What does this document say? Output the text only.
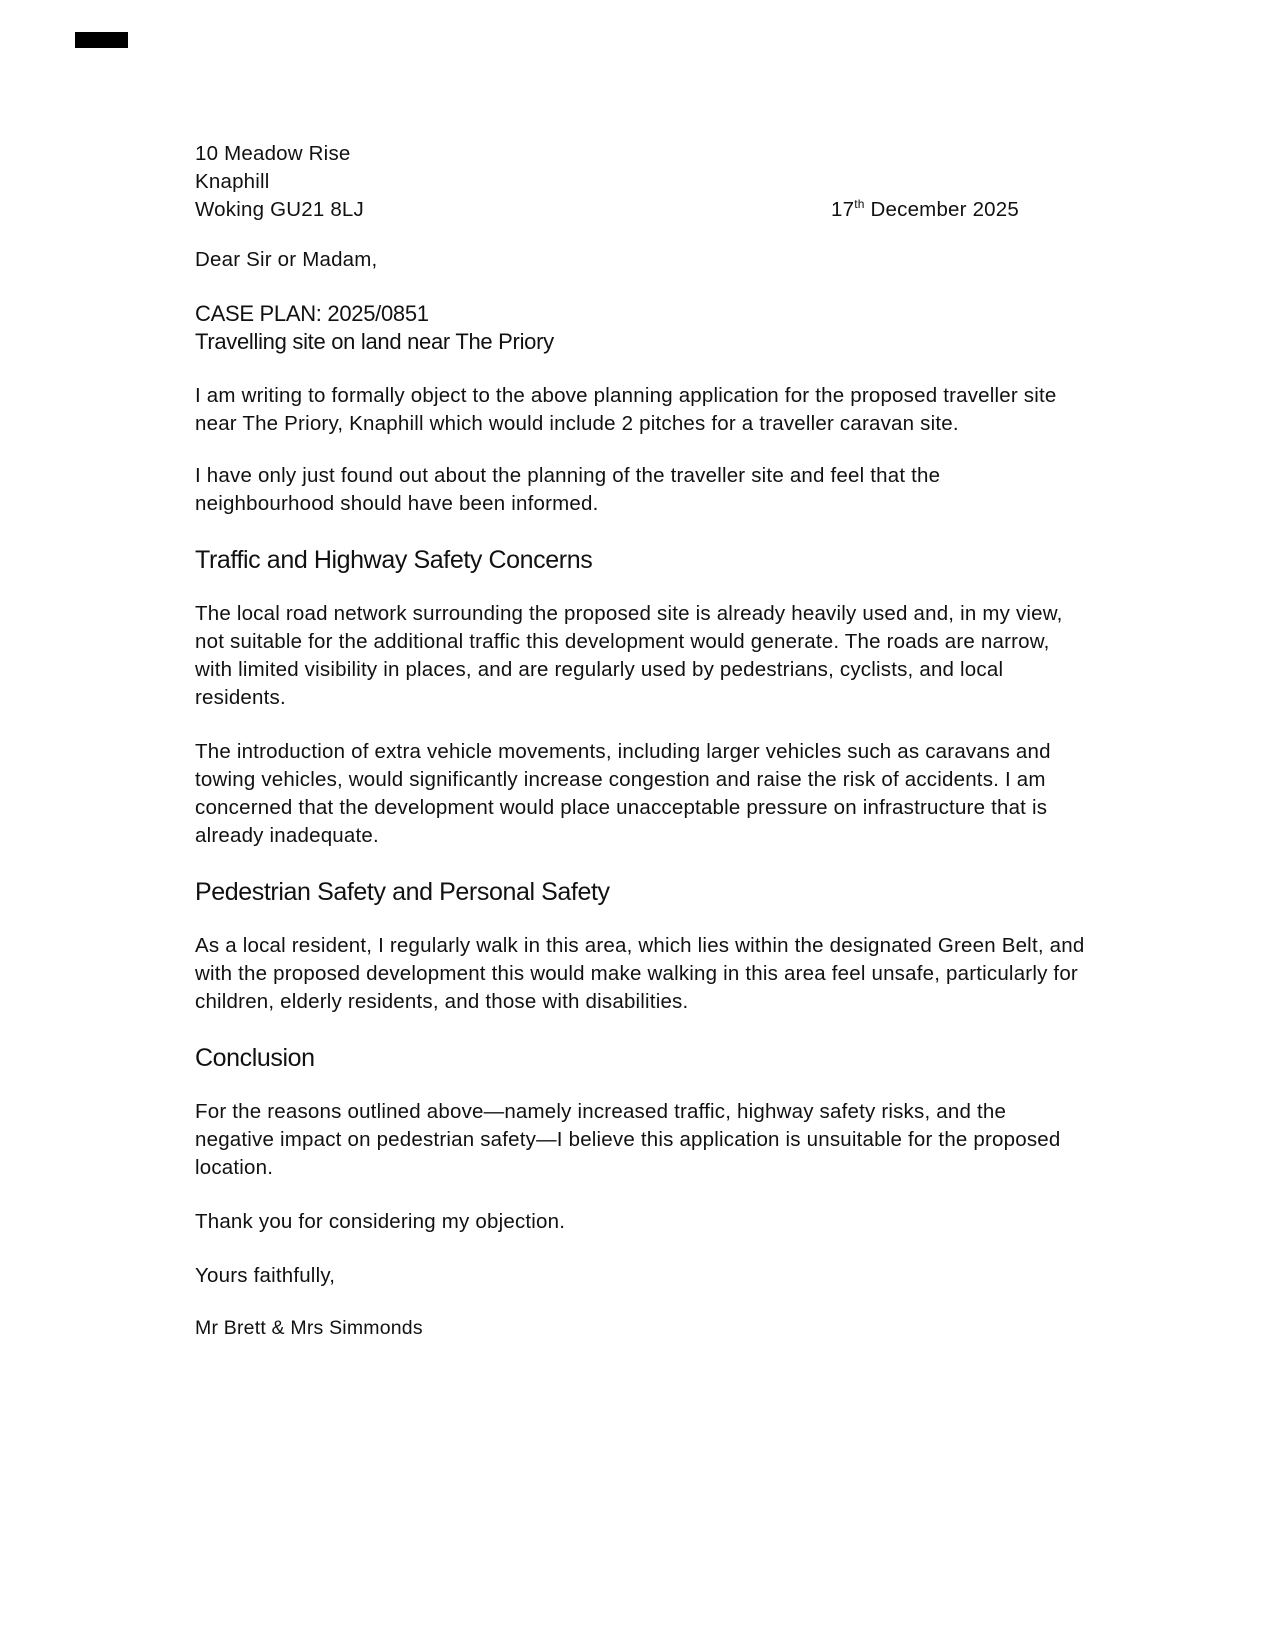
10 Meadow Rise
Knaphill
Woking GU21 8LJ	17th December 2025

Dear Sir or Madam,

CASE PLAN: 2025/0851
Travelling site on land near The Priory

I am writing to formally object to the above planning application for the proposed traveller site near The Priory, Knaphill which would include 2 pitches for a traveller caravan site.

I have only just found out about the planning of the traveller site and feel that the neighbourhood should have been informed.

Traffic and Highway Safety Concerns

The local road network surrounding the proposed site is already heavily used and, in my view, not suitable for the additional traffic this development would generate. The roads are narrow, with limited visibility in places, and are regularly used by pedestrians, cyclists, and local residents.

The introduction of extra vehicle movements, including larger vehicles such as caravans and towing vehicles, would significantly increase congestion and raise the risk of accidents. I am concerned that the development would place unacceptable pressure on infrastructure that is already inadequate.

Pedestrian Safety and Personal Safety

As a local resident, I regularly walk in this area, which lies within the designated Green Belt, and with the proposed development this would make walking in this area feel unsafe, particularly for children, elderly residents, and those with disabilities.

Conclusion

For the reasons outlined above—namely increased traffic, highway safety risks, and the negative impact on pedestrian safety—I believe this application is unsuitable for the proposed location.

Thank you for considering my objection.

Yours faithfully,

Mr Brett & Mrs Simmonds
